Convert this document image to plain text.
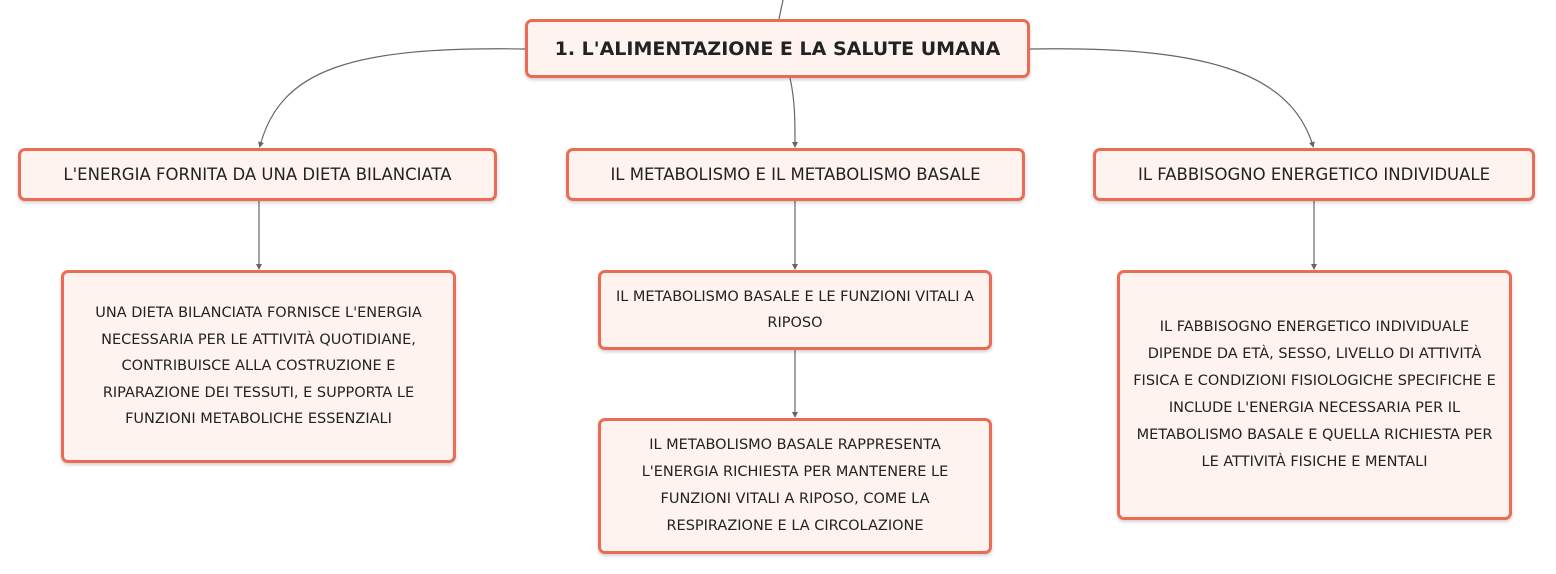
1. L'ALIMENTAZIONE E LA SALUTE UMANA
L'ENERGIA FORNITA DA UNA DIETA BILANCIATA	IL METABOLISMO E IL METABOLISMO BASALE	IL FABBISOGNO ENERGETICO INDIVIDUALE
UNA DIETA BILANCIATA FORNISCE L'ENERGIA NECESSARIA PER LE ATTIVITÀ QUOTIDIANE, CONTRIBUISCE ALLA COSTRUZIONE E RIPARAZIONE DEI TESSUTI, E SUPPORTA LE FUNZIONI METABOLICHE ESSENZIALI
IL METABOLISMO BASALE E LE FUNZIONI VITALI A RIPOSO
IL METABOLISMO BASALE RAPPRESENTA L'ENERGIA RICHIESTA PER MANTENERE LE FUNZIONI VITALI A RIPOSO, COME LA RESPIRAZIONE E LA CIRCOLAZIONE
IL FABBISOGNO ENERGETICO INDIVIDUALE DIPENDE DA ETÀ, SESSO, LIVELLO DI ATTIVITÀ FISICA E CONDIZIONI FISIOLOGICHE SPECIFICHE E INCLUDE L'ENERGIA NECESSARIA PER IL METABOLISMO BASALE E QUELLA RICHIESTA PER LE ATTIVITÀ FISICHE E MENTALI
